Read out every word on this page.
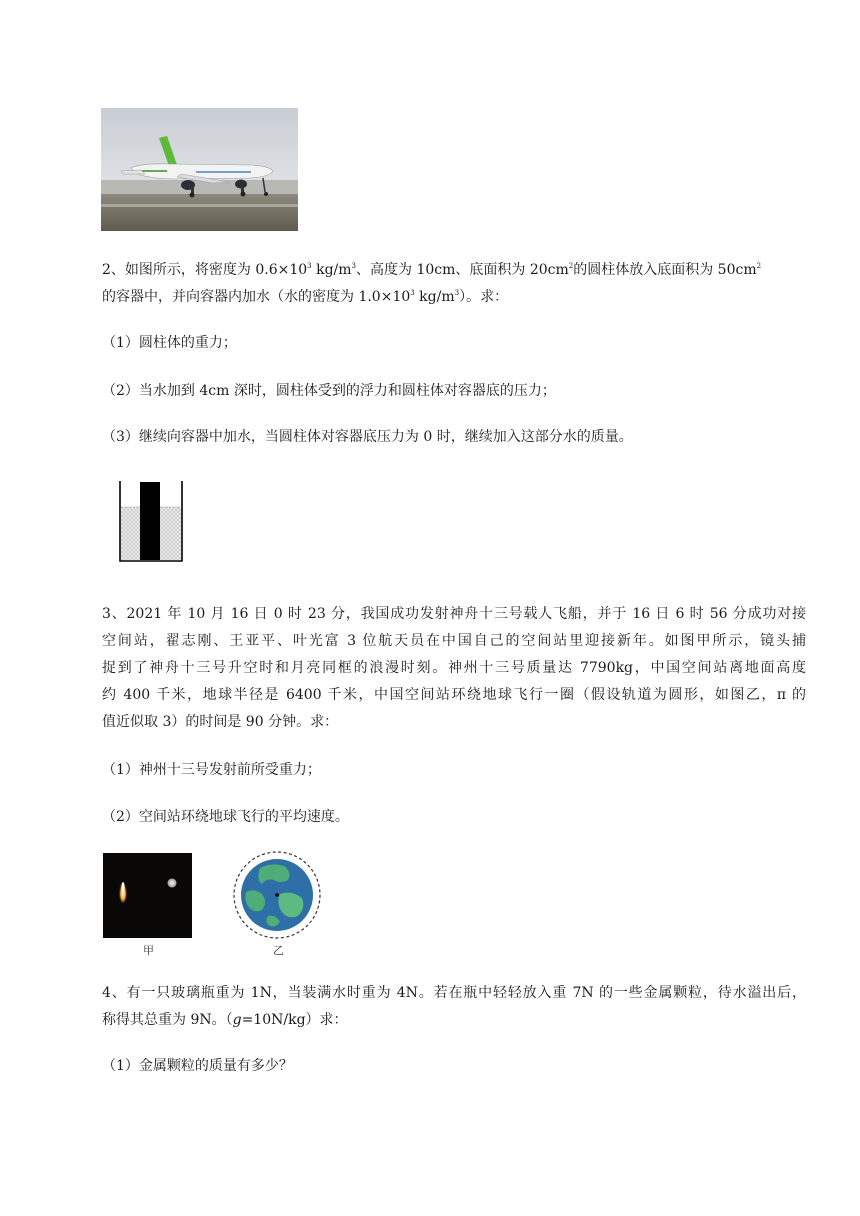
2、如图所示，将密度为 $0.6\times 10^3$ $kg/m^3$、高度为 10cm、底面积为 $20cm^2$的圆柱体放入底面积为 $50cm^2$
的容器中，并向容器内加水（水的密度为 $1.0\times 10^3$ $kg/m^3$）。求：

（1）圆柱体的重力；

（2）当水加到 4cm 深时，圆柱体受到的浮力和圆柱体对容器底的压力；

（3）继续向容器中加水，当圆柱体对容器底压力为 0 时，继续加入这部分水的质量。

3、2021 年 10 月 16 日 0 时 23 分，我国成功发射神舟十三号载人飞船，并于 16 日 6 时 56 分成功对接
空间站，翟志刚、王亚平、叶光富 3 位航天员在中国自己的空间站里迎接新年。如图甲所示，镜头捕
捉到了神舟十三号升空时和月亮同框的浪漫时刻。神州十三号质量达 7790kg，中国空间站离地面高度
约 400 千米，地球半径是 6400 千米，中国空间站环绕地球飞行一圈（假设轨道为圆形，如图乙，π 的
值近似取 3）的时间是 90 分钟。求：

（1）神州十三号发射前所受重力；

（2）空间站环绕地球飞行的平均速度。

甲	乙

4、有一只玻璃瓶重为 1N，当装满水时重为 4N。若在瓶中轻轻放入重 7N 的一些金属颗粒，待水溢出后，
称得其总重为 9N。（g=10N/kg）求：

（1）金属颗粒的质量有多少？
